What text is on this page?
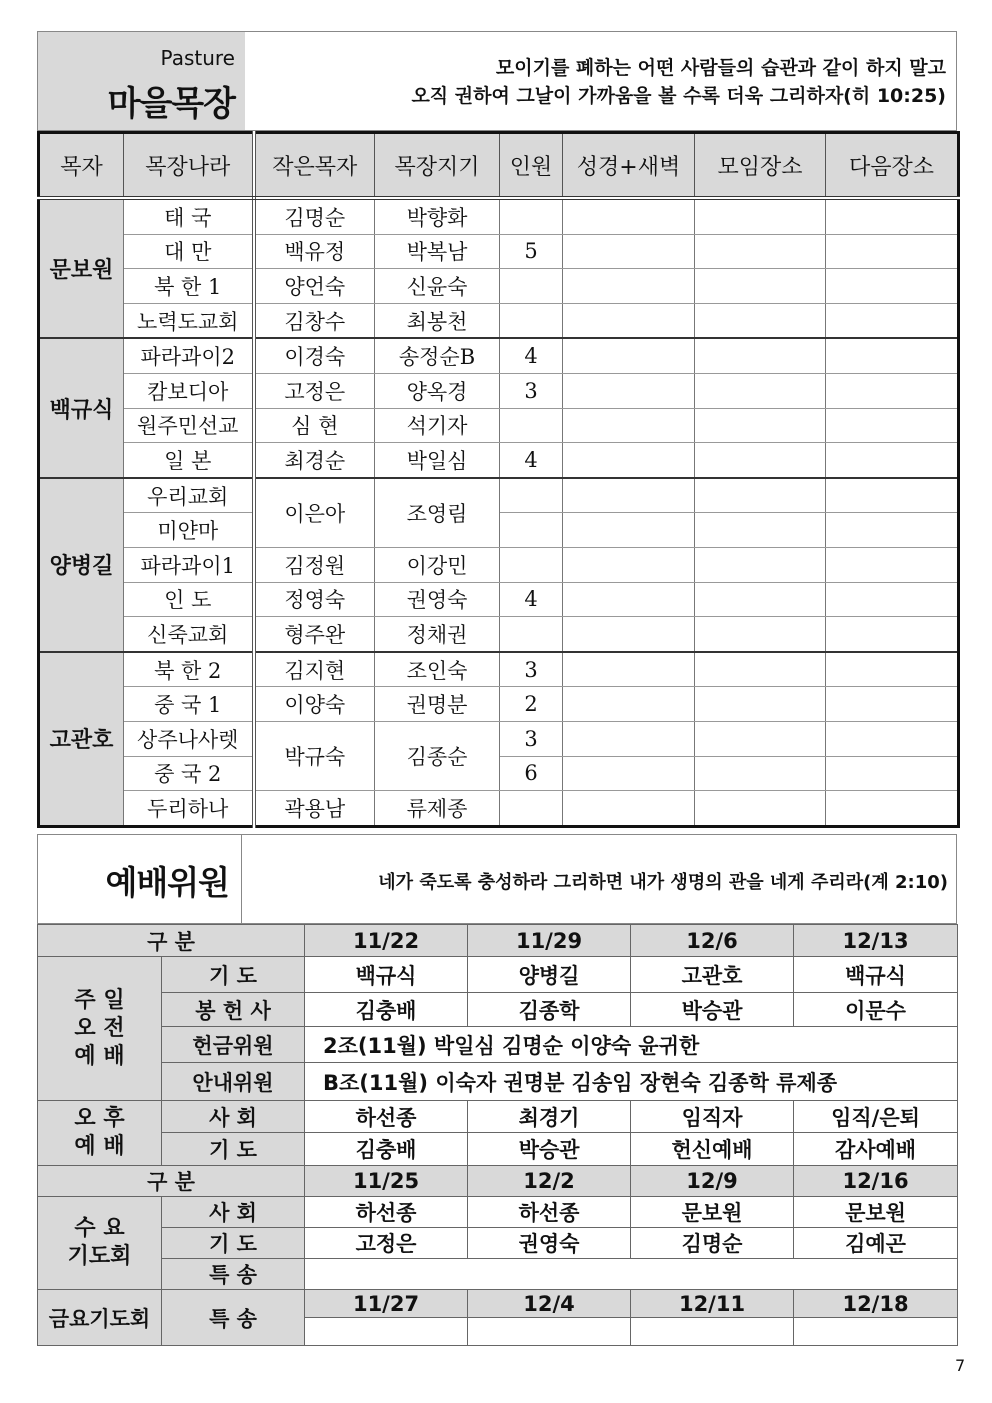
Pasture
마을목장
모이기를 폐하는 어떤 사람들의 습관과 같이 하지 말고
오직 권하여 그날이 가까움을 볼 수록 더욱 그리하자(히 10:25)
목자	목장나라	작은목자	목장지기	인원	성경+새벽	모임장소	다음장소
문보원	태 국	김명순	박향화				
	대 만	백유정	박복남	5			
	북 한 1	양언숙	신윤숙				
	노력도교회	김창수	최봉천				
백규식	파라과이2	이경숙	송정순B	4			
	캄보디아	고정은	양옥경	3			
	원주민선교	심 현	석기자				
	일 본	최경순	박일심	4			
양병길	우리교회	이은아	조영림				
	미얀마						
	파라과이1	김정원	이강민				
	인 도	정영숙	권영숙	4			
	신죽교회	형주완	정채권				
고관호	북 한 2	김지현	조인숙	3			
	중 국 1	이양숙	권명분	2			
	상주나사렛	박규숙	김종순	3			
	중 국 2			6			
	두리하나	곽용남	류제종				
예배위원	네가 죽도록 충성하라 그리하면 내가 생명의 관을 네게 주리라(계 2:10)
구 분		11/22	11/29	12/6	12/13

주 일
오 전
예 배	기 도	백규식	양병길	고관호	백규식
	봉 헌 사	김충배	김종학	박승관	이문수
	헌금위원	2조(11월) 박일심 김명순 이양숙 윤귀한			
	안내위원	B조(11월) 이숙자 권명분 김송임 장현숙 김종학 류제종			

오 후
예 배	사 회	하선종	최경기	임직자	임직/은퇴
	기 도	김충배	박승관	헌신예배	감사예배
구 분		11/25	12/2	12/9	12/16

수 요
기도회	사 회	하선종	하선종	문보원	문보원
	기 도	고정은	권영숙	김명순	김예곤
	특 송				
금요기도회	특 송	11/27	12/4	12/11	12/18

7
